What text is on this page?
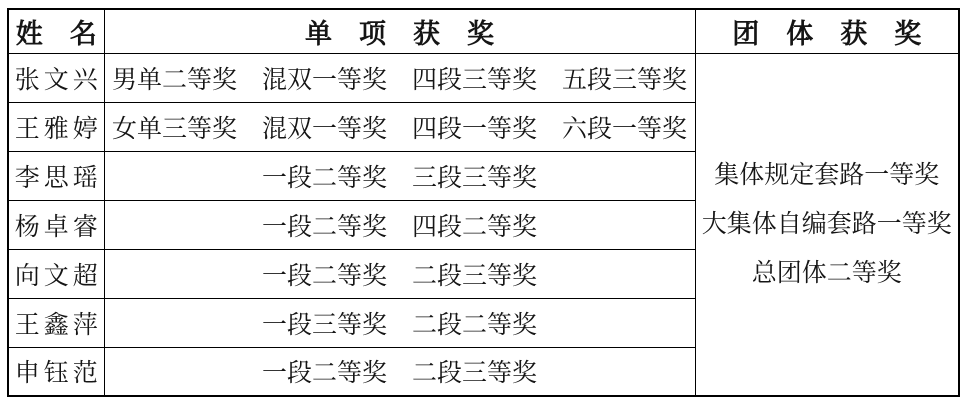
姓　名	单　项　获　奖	团　体　获　奖
张文兴	男单二等奖　混双一等奖　四段三等奖　五段三等奖	集体规定套路一等奖
大集体自编套路一等奖
总团体二等奖

王雅婷	女单三等奖　混双一等奖　四段一等奖　六段一等奖	
李思瑶	一段二等奖　三段三等奖	
杨卓睿	一段二等奖　四段二等奖	
向文超	一段二等奖　二段三等奖	
王鑫萍	一段三等奖　二段二等奖	
申钰范	一段二等奖　二段三等奖	
